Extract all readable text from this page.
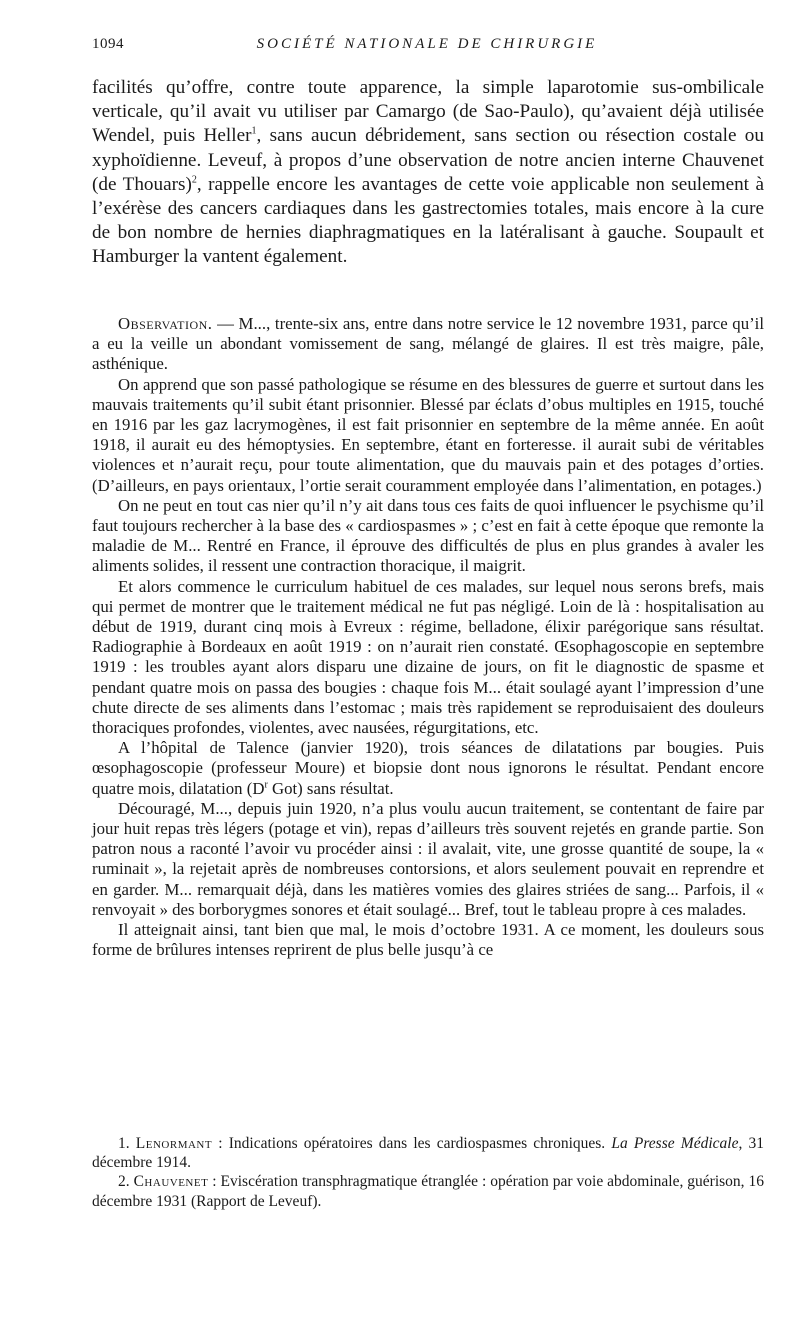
1094	SOCIÉTÉ NATIONALE DE CHIRURGIE

facilités qu’offre, contre toute apparence, la simple laparotomie sus-ombilicale verticale, qu’il avait vu utiliser par Camargo (de Sao-Paulo), qu’avaient déjà utilisée Wendel, puis Heller$^1$, sans aucun débridement, sans section ou résection costale ou xyphoïdienne. Leveuf, à propos d’une observation de notre ancien interne Chauvenet (de Thouars)$^2$, rappelle encore les avantages de cette voie applicable non seulement à l’exérèse des cancers cardiaques dans les gastrectomies totales, mais encore à la cure de bon nombre de hernies diaphragmatiques en la latéralisant à gauche. Soupault et Hamburger la vantent également.

Observation. — M..., trente-six ans, entre dans notre service le 12 novembre 1931, parce qu’il a eu la veille un abondant vomissement de sang, mélangé de glaires. Il est très maigre, pâle, asthénique.

On apprend que son passé pathologique se résume en des blessures de guerre et surtout dans les mauvais traitements qu’il subit étant prisonnier. Blessé par éclats d’obus multiples en 1915, touché en 1916 par les gaz lacrymogènes, il est fait prisonnier en septembre de la même année. En août 1918, il aurait eu des hémoptysies. En septembre, étant en forteresse. il aurait subi de véritables violences et n’aurait reçu, pour toute alimentation, que du mauvais pain et des potages d’orties. (D’ailleurs, en pays orientaux, l’ortie serait couramment employée dans l’alimentation, en potages.)

On ne peut en tout cas nier qu’il n’y ait dans tous ces faits de quoi influencer le psychisme qu’il faut toujours rechercher à la base des « cardiospasmes » ; c’est en fait à cette époque que remonte la maladie de M... Rentré en France, il éprouve des difficultés de plus en plus grandes à avaler les aliments solides, il ressent une contraction thoracique, il maigrit.

Et alors commence le curriculum habituel de ces malades, sur lequel nous serons brefs, mais qui permet de montrer que le traitement médical ne fut pas négligé. Loin de là : hospitalisation au début de 1919, durant cinq mois à Evreux : régime, belladone, élixir parégorique sans résultat. Radiographie à Bordeaux en août 1919 : on n’aurait rien constaté. Œsophagoscopie en septembre 1919 : les troubles ayant alors disparu une dizaine de jours, on fit le diagnostic de spasme et pendant quatre mois on passa des bougies : chaque fois M... était soulagé ayant l’impression d’une chute directe de ses aliments dans l’estomac ; mais très rapidement se reproduisaient des douleurs thoraciques profondes, violentes, avec nausées, régurgitations, etc.

A l’hôpital de Talence (janvier 1920), trois séances de dilatations par bougies. Puis œsophagoscopie (professeur Moure) et biopsie dont nous ignorons le résultat. Pendant encore quatre mois, dilatation ($D^r$ Got) sans résultat.

Découragé, M..., depuis juin 1920, n’a plus voulu aucun traitement, se contentant de faire par jour huit repas très légers (potage et vin), repas d’ailleurs très souvent rejetés en grande partie. Son patron nous a raconté l’avoir vu procéder ainsi : il avalait, vite, une grosse quantité de soupe, la « ruminait », la rejetait après de nombreuses contorsions, et alors seulement pouvait en reprendre et en garder. M... remarquait déjà, dans les matières vomies des glaires striées de sang... Parfois, il « renvoyait » des borborygmes sonores et était soulagé... Bref, tout le tableau propre à ces malades.

Il atteignait ainsi, tant bien que mal, le mois d’octobre 1931. A ce moment, les douleurs sous forme de brûlures intenses reprirent de plus belle jusqu’à ce

1. Lenormant : Indications opératoires dans les cardiospasmes chroniques. La Presse Médicale, 31 décembre 1914.

2. Chauvenet : Eviscération transphragmatique étranglée : opération par voie abdominale, guérison, 16 décembre 1931 (Rapport de Leveuf).
